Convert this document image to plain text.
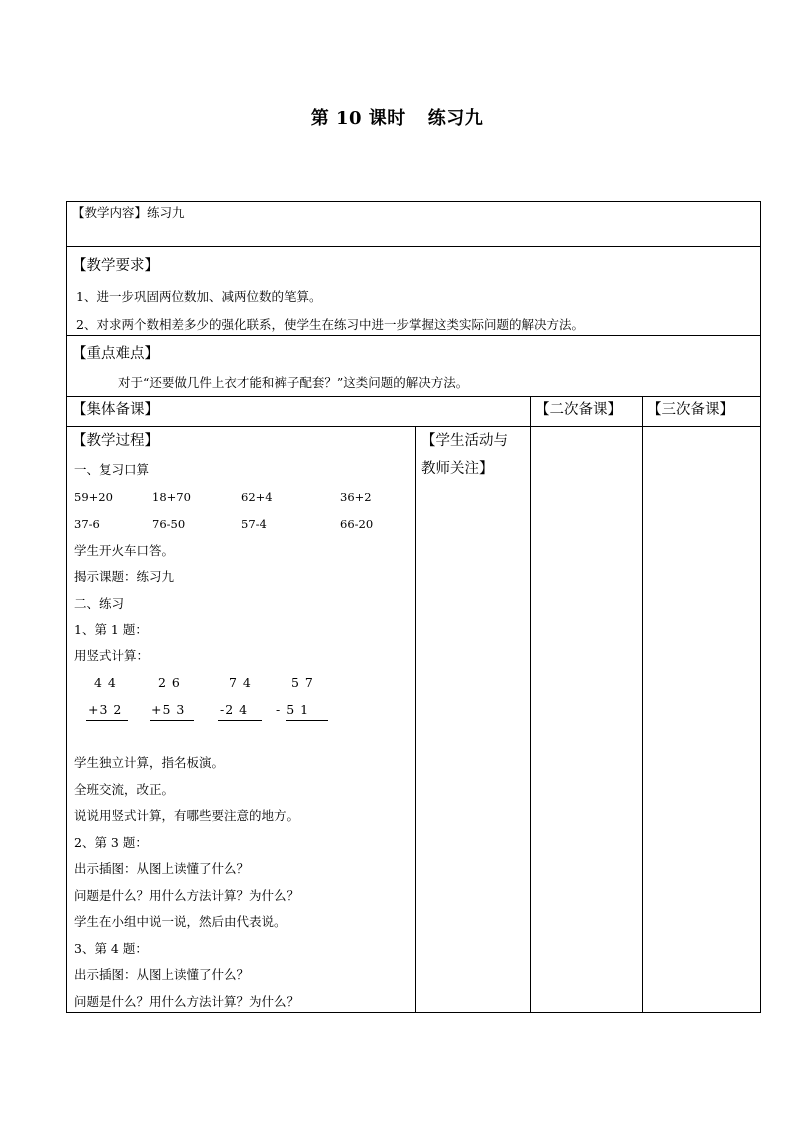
第 10 课时 练习九
【教学内容】练习九
【教学要求】
1、进一步巩固两位数加、减两位数的笔算。
2、对求两个数相差多少的强化联系，使学生在练习中进一步掌握这类实际问题的解决方法。
【重点难点】
对于“还要做几件上衣才能和裤子配套？”这类问题的解决方法。
【集体备课】	【二次备课】 【三次备课】
【学生活动与
教师关注】
【教学过程】
一、复习口算
59+20	18+70	62+4	36+2
37-6	76-50	57-4	66-20
学生开火车口答。
揭示课题：练习九
二、练习
1、第 1 题：
用竖式计算：
4 4
+3 2
2 6
+5 3
7 4
-2 4
5 7
- 5 1
学生独立计算，指名板演。
全班交流，改正。
说说用竖式计算，有哪些要注意的地方。
2、第 3 题：
出示插图：从图上读懂了什么？
问题是什么？用什么方法计算？为什么？
学生在小组中说一说，然后由代表说。
3、第 4 题：
出示插图：从图上读懂了什么？
问题是什么？用什么方法计算？为什么？
